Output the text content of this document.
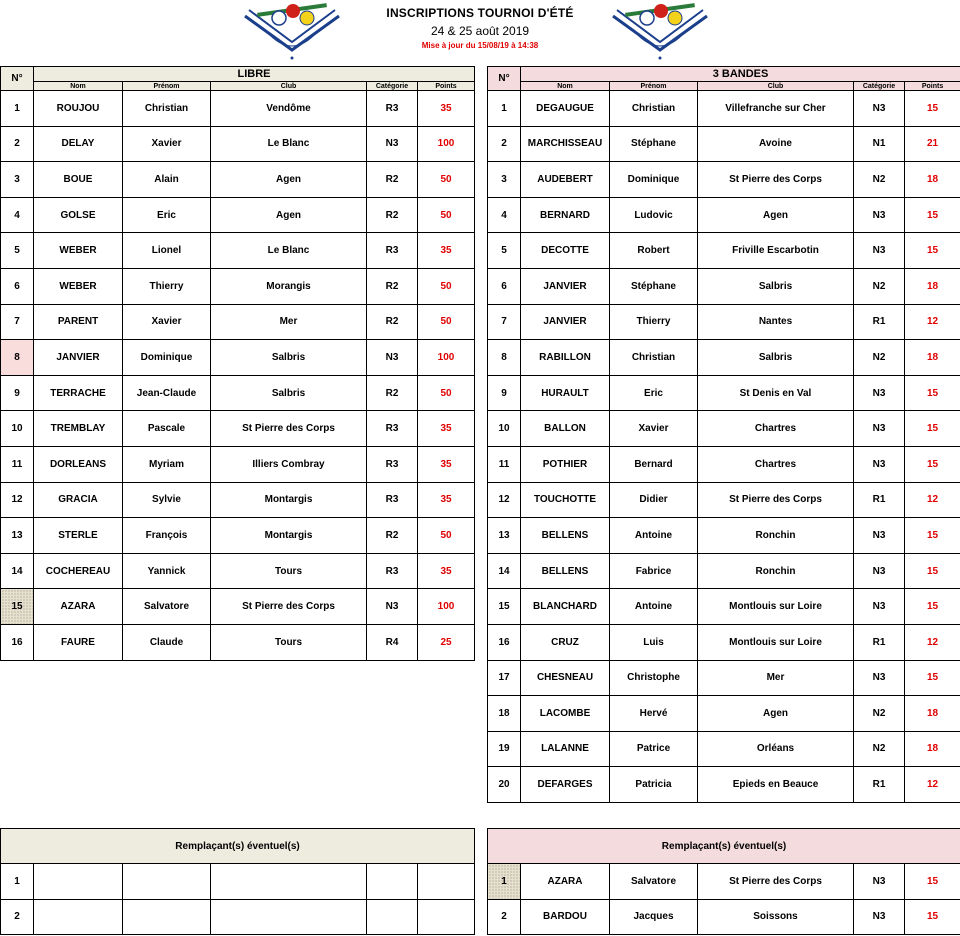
INSCRIPTIONS TOURNOI D'ÉTÉ
24 & 25 août 2019
Mise à jour du 15/08/19 à 14:38
N°	LIBRE				
	Nom	Prénom	Club	Catégorie	Points
1	ROUJOU	Christian	Vendôme	R3	35
2	DELAY	Xavier	Le Blanc	N3	100
3	BOUE	Alain	Agen	R2	50
4	GOLSE	Eric	Agen	R2	50
5	WEBER	Lionel	Le Blanc	R3	35
6	WEBER	Thierry	Morangis	R2	50
7	PARENT	Xavier	Mer	R2	50
8	JANVIER	Dominique	Salbris	N3	100
9	TERRACHE	Jean-Claude	Salbris	R2	50
10	TREMBLAY	Pascale	St Pierre des Corps	R3	35
11	DORLEANS	Myriam	Illiers Combray	R3	35
12	GRACIA	Sylvie	Montargis	R3	35
13	STERLE	François	Montargis	R2	50
14	COCHEREAU	Yannick	Tours	R3	35
15	AZARA	Salvatore	St Pierre des Corps	N3	100
16	FAURE	Claude	Tours	R4	25
N°	3 BANDES				
	Nom	Prénom	Club	Catégorie	Points
1	DEGAUGUE	Christian	Villefranche sur Cher	N3	15
2	MARCHISSEAU	Stéphane	Avoine	N1	21
3	AUDEBERT	Dominique	St Pierre des Corps	N2	18
4	BERNARD	Ludovic	Agen	N3	15
5	DECOTTE	Robert	Friville Escarbotin	N3	15
6	JANVIER	Stéphane	Salbris	N2	18
7	JANVIER	Thierry	Nantes	R1	12
8	RABILLON	Christian	Salbris	N2	18
9	HURAULT	Eric	St Denis en Val	N3	15
10	BALLON	Xavier	Chartres	N3	15
11	POTHIER	Bernard	Chartres	N3	15
12	TOUCHOTTE	Didier	St Pierre des Corps	R1	12
13	BELLENS	Antoine	Ronchin	N3	15
14	BELLENS	Fabrice	Ronchin	N3	15
15	BLANCHARD	Antoine	Montlouis sur Loire	N3	15
16	CRUZ	Luis	Montlouis sur Loire	R1	12
17	CHESNEAU	Christophe	Mer	N3	15
18	LACOMBE	Hervé	Agen	N2	18
19	LALANNE	Patrice	Orléans	N2	18
20	DEFARGES	Patricia	Epieds en Beauce	R1	12
Remplaçant(s) éventuel(s)					
1					
2					
Remplaçant(s) éventuel(s)					
1	AZARA	Salvatore	St Pierre des Corps	N3	15
2	BARDOU	Jacques	Soissons	N3	15
